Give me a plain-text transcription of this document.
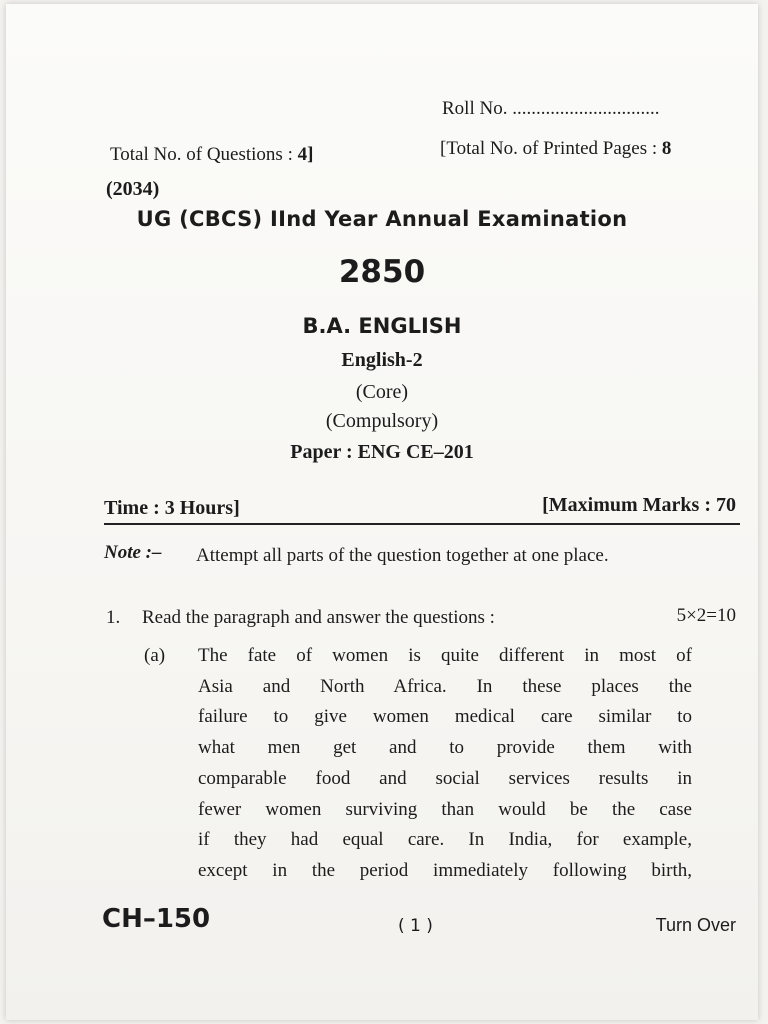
Roll No. ...............................
Total No. of Questions : 4]	[Total No. of Printed Pages : 8
(2034)
UG (CBCS) IInd Year Annual Examination
2850
B.A. ENGLISH
English-2
(Core)
(Compulsory)
Paper : ENG CE–201
Time : 3 Hours]	[Maximum Marks : 70
Note :– Attempt all parts of the question together at one place.
1. Read the paragraph and answer the questions :	5×2=10
(a) The fate of women is quite different in most of
Asia and North Africa. In these places the
failure to give women medical care similar to
what men get and to provide them with
comparable food and social services results in
fewer women surviving than would be the case
if they had equal care. In India, for example,
except in the period immediately following birth,
CH–150	( 1 )	Turn Over
